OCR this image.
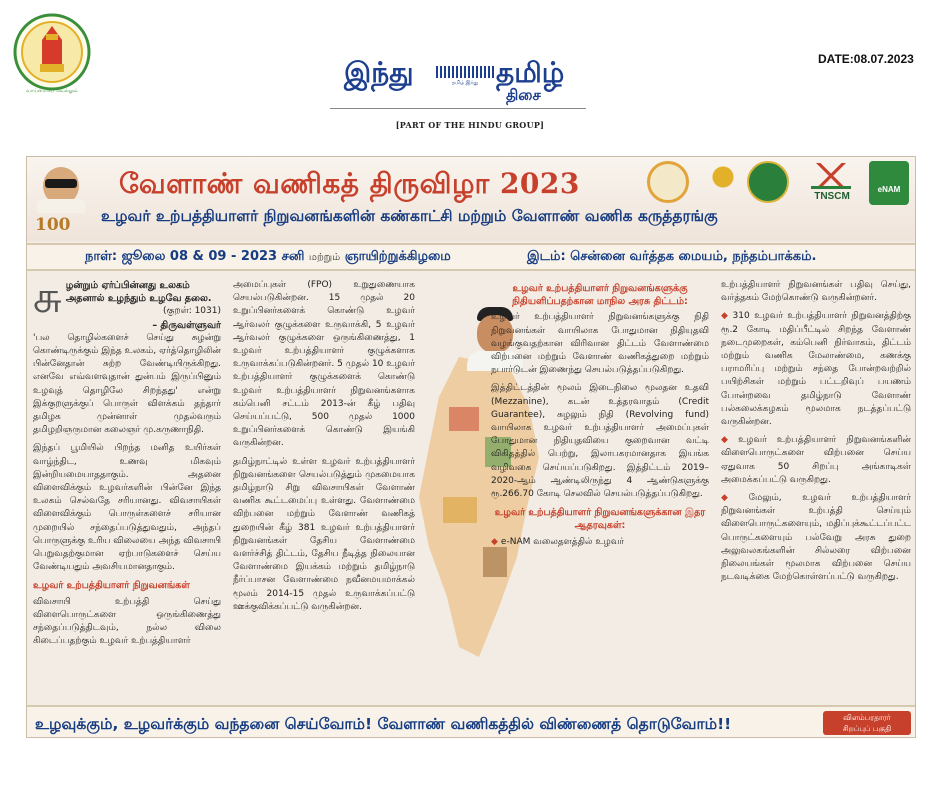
வாய்மையே வெல்லும்
இந்து	தமிழ் இந்து தமிழ்
திசை
[PART OF THE HINDU GROUP]
DATE:08.07.2023
100
வேளாண் வணிகத் திருவிழா 2023
உழவர் உற்பத்தியாளர் நிறுவனங்களின் கண்காட்சி மற்றும் வேளாண் வணிக கருத்தரங்கு
TNSCM
eNAM
நாள்: ஜூலை 08 & 09 - 2023 சனி மற்றும் ஞாயிற்றுக்கிழமை	இடம்: சென்னை வர்த்தக மையம், நந்தம்பாக்கம்.
சு ழன்றும் ஏர்ப்பின்னது உலகம்
அதனால் உழந்தும் உழவே தலை.
(குறள்: 1031)
– திருவள்ளுவர்

'பல தொழில்களைச் செய்து சுழன்று கொண்டிருக்கும் இந்த உலகம், ஏர்த்தொழிலின் பின்னேதான் சுற்ற வேண்டியிருக்கிறது. எனவே எவ்வளவுதான் துன்பம் இருப்பினும் உழவுத் தொழிலே சிறந்தது' என்று இக்குறளுக்குப் பொருள் விளக்கம் தந்தார் தமிழக முன்னாள் முதல்வரும் தமிழறிஞருமான கலைஞர் மு.கருணாநிதி.

இந்தப் பூமியில் பிறந்த மனித உயிர்கள் வாழ்ந்திட, உணவு மிகவும் இன்றியமையாததாகும். அதனை விளைவிக்கும் உழவர்களின் பின்னே இந்த உலகம் செல்வதே சரியானது. விவசாயிகள் விளைவிக்கும் பொருள்களைச் சரியான முறையில் சந்தைப்படுத்துவதும், அந்தப் பொருளுக்கு உரிய விலையை அந்த விவசாயி பெறுவதற்குமான ஏற்பாடுகளைச் செய்ய வேண்டியதும் அவசியமானதாகும்.

உழவர் உற்பத்தியாளர் நிறுவனங்கள்

விவசாயி உற்பத்தி செய்து விளைபொருட்களை ஒருங்கிணைத்து சந்தைப்படுத்திடவும், நல்ல விலை கிடைப்பதற்கும் உழவர் உற்பத்தியாளர்

அமைப்புகள் (FPO) உறுதுணையாக செயல்படுகின்றன. 15 முதல் 20 உறுப்பினர்களைக் கொண்டு உழவர் ஆர்வலர் குழுக்களை உருவாக்கி, 5 உழவர் ஆர்வலர் குழுக்களை ஒருங்கிணைத்து, 1 உழவர் உற்பத்தியாளர் குழுக்களாக உருவாக்கப்படுகின்றனர். 5 முதல் 10 உழவர் உற்பத்தியாளர் குழுக்களைக் கொண்டு உழவர் உற்பத்தியாளர் நிறுவனங்களாக கம்பெனி சட்டம் 2013-ன் கீழ் பதிவு செய்யப்பட்டு, 500 முதல் 1000 உறுப்பினர்களைக் கொண்டு இயங்கி வருகின்றன.

தமிழ்நாட்டில் உள்ள உழவர் உற்பத்தியாளர் நிறுவனங்களை செயல்படுத்தும் முகமையாக தமிழ்நாடு சிறு விவசாயிகள் வேளாண் வணிக கூட்டமைப்பு உள்ளது. வேளாண்மை விற்பனை மற்றும் வேளாண் வணிகத் துறையின் கீழ் 381 உழவர் உற்பத்தியாளர் நிறுவனங்கள் தேசிய வேளாண்மை வளர்ச்சித் திட்டம், தேசிய நீடித்த நிலையான வேளாண்மை இயக்கம் மற்றும் தமிழ்நாடு நீர்ப்பாசன வேளாண்மை நவீனமயமாக்கல் மூலம் 2014-15 முதல் உருவாக்கப்பட்டு ஊக்குவிக்கப்பட்டு வருகின்றன.

உழவர் உற்பத்தியாளர் நிறுவனங்களுக்கு நிதியளிப்பதற்கான மாநில அரசு திட்டம்:

உழவர் உற்பத்தியாளர் நிறுவனங்களுக்கு நிதி நிறுவனங்கள் வாயிலாக போதுமான நிதியுதவி வழங்குவதற்கான விரிவான திட்டம் வேளாண்மை விற்பனை மற்றும் வேளாண் வணிகத்துறை மற்றும் நபார்டுடன் இணைந்து செயல்படுத்தப்படுகிறது.

இத்திட்டத்தின் மூலம் இடைநிலை மூலதன உதவி (Mezzanine), கடன் உத்தரவாதம் (Credit Guarantee), சுழலும் நிதி (Revolving fund) வாயிலாக உழவர் உற்பத்தியாளர் அமைப்புகள் போதுமான நிதியுதவியை குறைவான வட்டி விகிதத்தில் பெற்று, இலாபகரமானதாக இயங்க வழிவகை செய்யப்படுகிறது. இத்திட்டம் 2019–2020-ஆம் ஆண்டிலிருந்து 4 ஆண்டுகளுக்கு ரூ.266.70 கோடி செலவில் செயல்படுத்தப்படுகிறது.

உழவர் உற்பத்தியாளர் நிறுவனங்களுக்கான இதர ஆதரவுகள்:

◆ e-NAM வலைதளத்தில் உழவர்

உற்பத்தியாளர் நிறுவனங்கள் பதிவு செய்து, வர்த்தகம் மேற்கொண்டு வருகின்றனர்.

◆ 310 உழவர் உற்பத்தியாளர் நிறுவனத்திற்கு ரூ.2 கோடி மதிப்பீட்டில் சிறந்த வேளாண் நடைமுறைகள், கம்பெனி நிர்வாகம், திட்டம் மற்றும் வணிக மேலாண்மை, கணக்கு பராமரிப்பு மற்றும் சந்தை போன்றவற்றில் பயிற்சிகள் மற்றும் பட்டறிவுப் பயணம் போன்றவை தமிழ்நாடு வேளாண் பல்கலைக்கழகம் மூலமாக நடத்தப்பட்டு வருகின்றன.

◆ உழவர் உற்பத்தியாளர் நிறுவனங்களின் விளைபொருட்களை விற்பனை செய்ய ஏதுவாக 50 சிறப்பு அங்காடிகள் அமைக்கப்பட்டு வருகிறது.

◆ மேலும், உழவர் உற்பத்தியாளர் நிறுவனங்கள் உற்பத்தி செய்யும் விளைபொருட்களையும், மதிப்புக்கூட்டப்பட்ட பொருட்களையும் பல்வேறு அரசு துறை அலுவலகங்களின் சில்லரை விற்பனை நிலையங்கள் மூலமாக விற்பனை செய்ய நடவடிக்கை மேற்கொள்ளப்பட்டு வருகிறது.

உழவுக்கும், உழவர்க்கும் வந்தனை செய்வோம்! வேளாண் வணிகத்தில் விண்ணைத் தொடுவோம்!!	விளம்பரதாரர்
சிறப்புப் பகுதி
